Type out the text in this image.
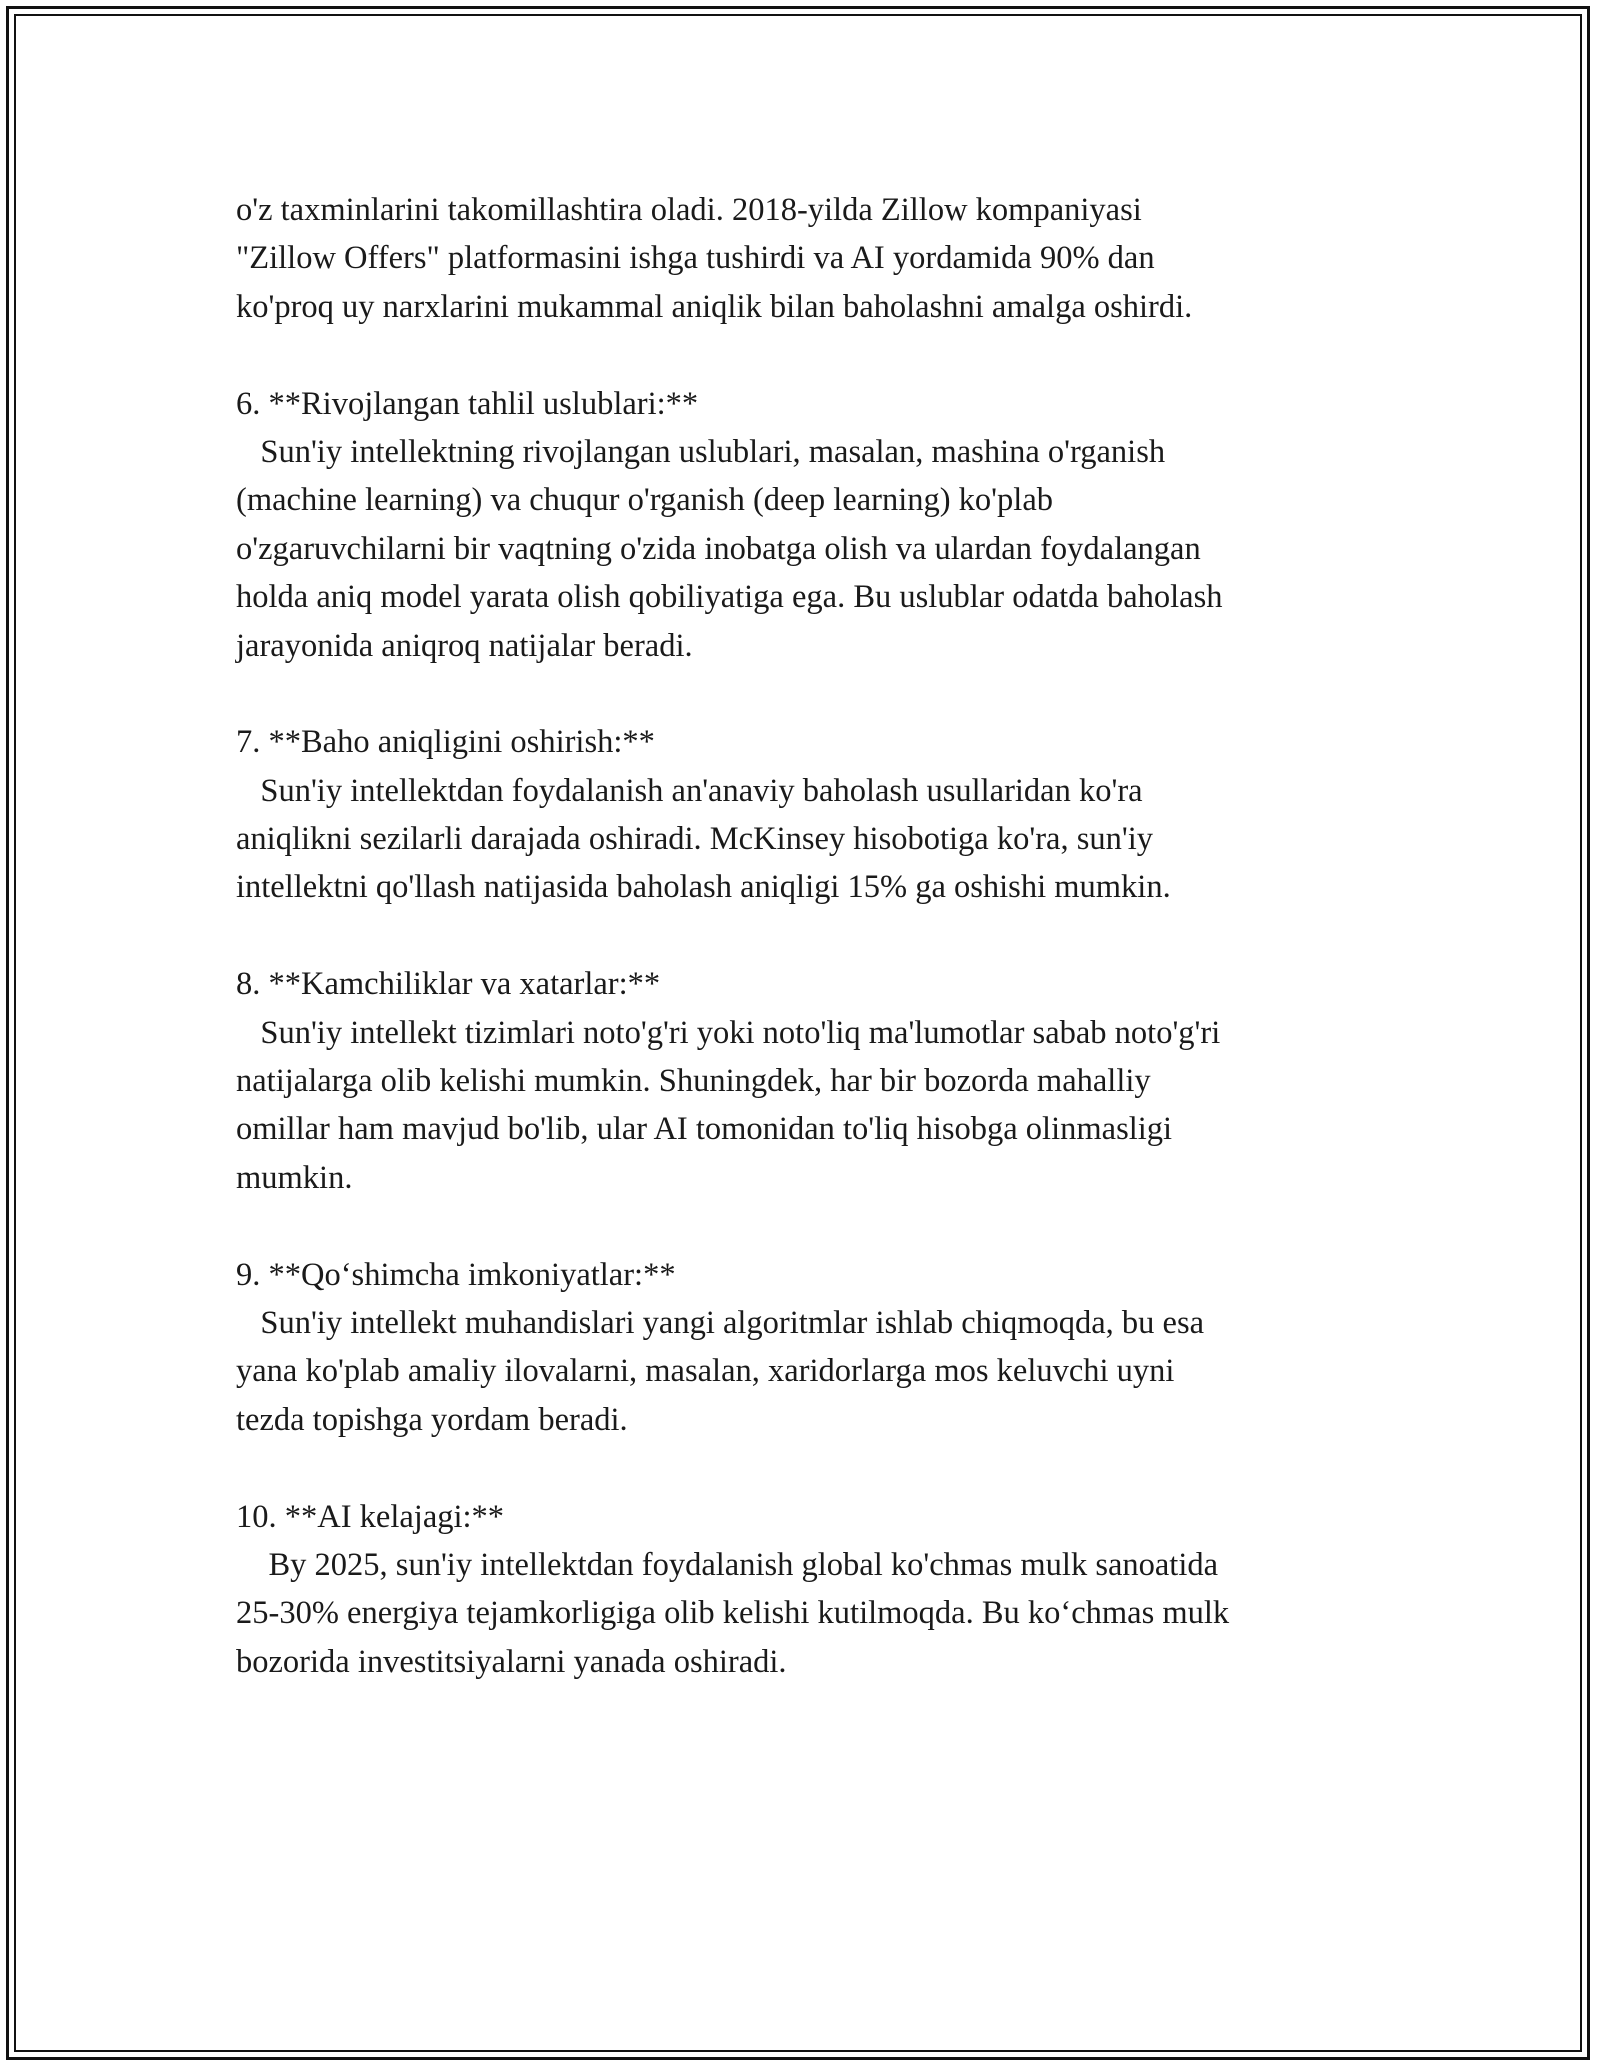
o'z taxminlarini takomillashtira oladi. 2018-yilda Zillow kompaniyasi
"Zillow Offers" platformasini ishga tushirdi va AI yordamida 90% dan
ko'proq uy narxlarini mukammal aniqlik bilan baholashni amalga oshirdi.
6. **Rivojlangan tahlil uslublari:**
Sun'iy intellektning rivojlangan uslublari, masalan, mashina o'rganish
(machine learning) va chuqur o'rganish (deep learning) ko'plab
o'zgaruvchilarni bir vaqtning o'zida inobatga olish va ulardan foydalangan
holda aniq model yarata olish qobiliyatiga ega. Bu uslublar odatda baholash
jarayonida aniqroq natijalar beradi.
7. **Baho aniqligini oshirish:**
Sun'iy intellektdan foydalanish an'anaviy baholash usullaridan ko'ra
aniqlikni sezilarli darajada oshiradi. McKinsey hisobotiga ko'ra, sun'iy
intellektni qo'llash natijasida baholash aniqligi 15% ga oshishi mumkin.
8. **Kamchiliklar va xatarlar:**
Sun'iy intellekt tizimlari noto'g'ri yoki noto'liq ma'lumotlar sabab noto'g'ri
natijalarga olib kelishi mumkin. Shuningdek, har bir bozorda mahalliy
omillar ham mavjud bo'lib, ular AI tomonidan to'liq hisobga olinmasligi
mumkin.
9. **Qo‘shimcha imkoniyatlar:**
Sun'iy intellekt muhandislari yangi algoritmlar ishlab chiqmoqda, bu esa
yana ko'plab amaliy ilovalarni, masalan, xaridorlarga mos keluvchi uyni
tezda topishga yordam beradi.
10. **AI kelajagi:**
By 2025, sun'iy intellektdan foydalanish global ko'chmas mulk sanoatida
25-30% energiya tejamkorligiga olib kelishi kutilmoqda. Bu ko‘chmas mulk
bozorida investitsiyalarni yanada oshiradi.
